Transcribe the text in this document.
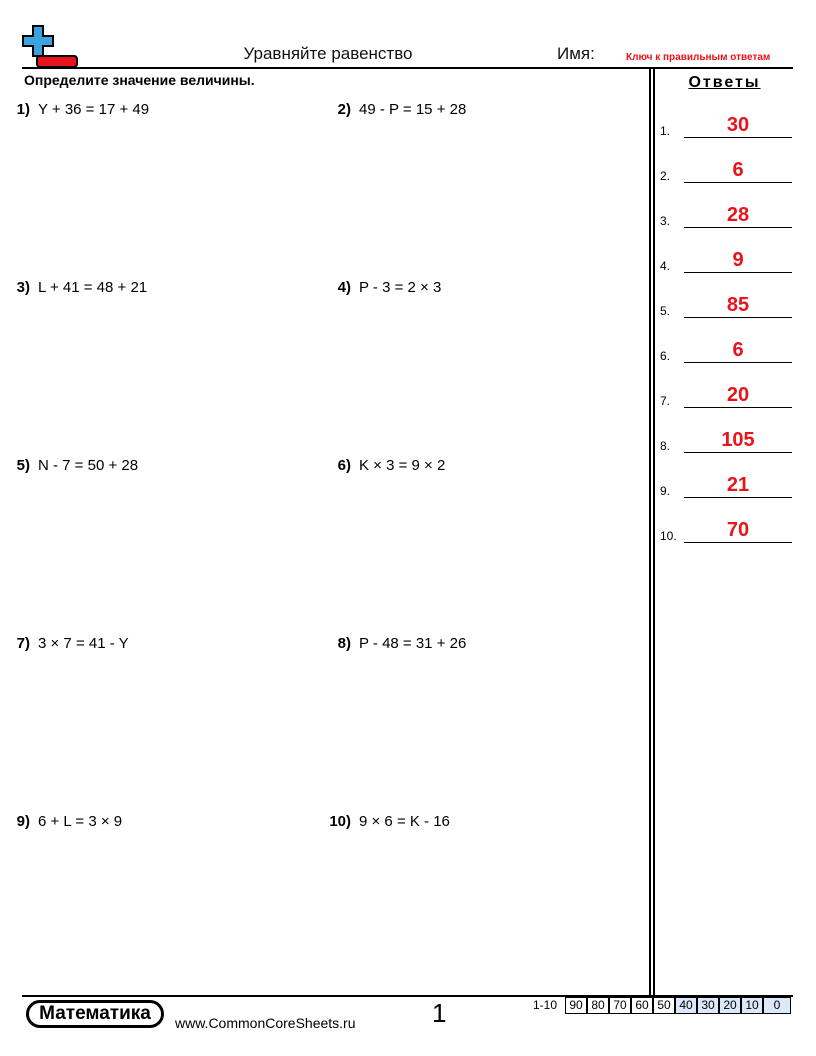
Уравняйте равенство	Имя:	Ключ к правильным ответам
Определите значение величины.
1) Y + 36 = 17 + 49	2) 49 - P = 15 + 28
3) L + 41 = 48 + 21	4) P - 3 = 2 × 3
5) N - 7 = 50 + 28	6) K × 3 = 9 × 2
7) 3 × 7 = 41 - Y	8) P - 48 = 31 + 26
9) 6 + L = 3 × 9	10) 9 × 6 = K - 16
Ответы
1.	30
2.	6
3.	28
4.	9
5.	85
6.	6
7.	20
8.	105
9.	21
10.	70
Математика	www.CommonCoreSheets.ru	1	1-10	90 80 70 60 50 40 30 20 10	0
